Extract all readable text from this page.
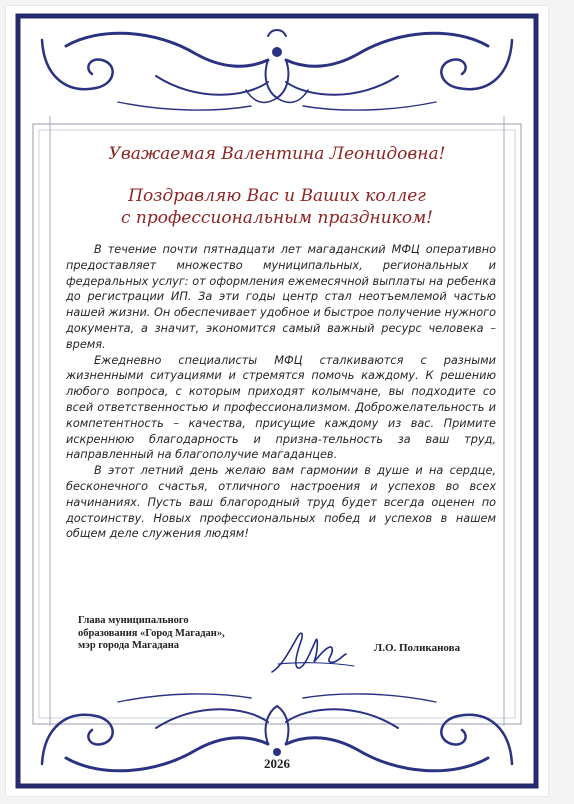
Уважаемая Валентина Леонидовна!
Поздравляю Вас и Ваших коллег
с профессиональным праздником!

В течение почти пятнадцати лет магаданский МФЦ оперативно предоставляет множество муниципальных, региональных и федеральных услуг: от оформления ежемесячной выплаты на ребенка до регистрации ИП. За эти годы центр стал неотъемлемой частью нашей жизни. Он обеспечивает удобное и быстрое получение нужного документа, а значит, экономится самый важный ресурс человека – время.

Ежедневно специалисты МФЦ сталкиваются с разными жизненными ситуациями и стремятся помочь каждому. К решению любого вопроса, с которым приходят колымчане, вы подходите со всей ответственностью и профессионализмом. Доброжелательность и компетентность – качества, присущие каждому из вас. Примите искреннюю благодарность и призна-тельность за ваш труд, направленный на благополучие магаданцев.

В этот летний день желаю вам гармонии в душе и на сердце, бесконечного счастья, отличного настроения и успехов во всех начинаниях. Пусть ваш благородный труд будет всегда оценен по достоинству. Новых профессиональных побед и успехов в нашем общем деле служения людям!

Глава муниципального
образования «Город Магадан»,
мэр города Магадана	Л.О. Поликанова
2026
